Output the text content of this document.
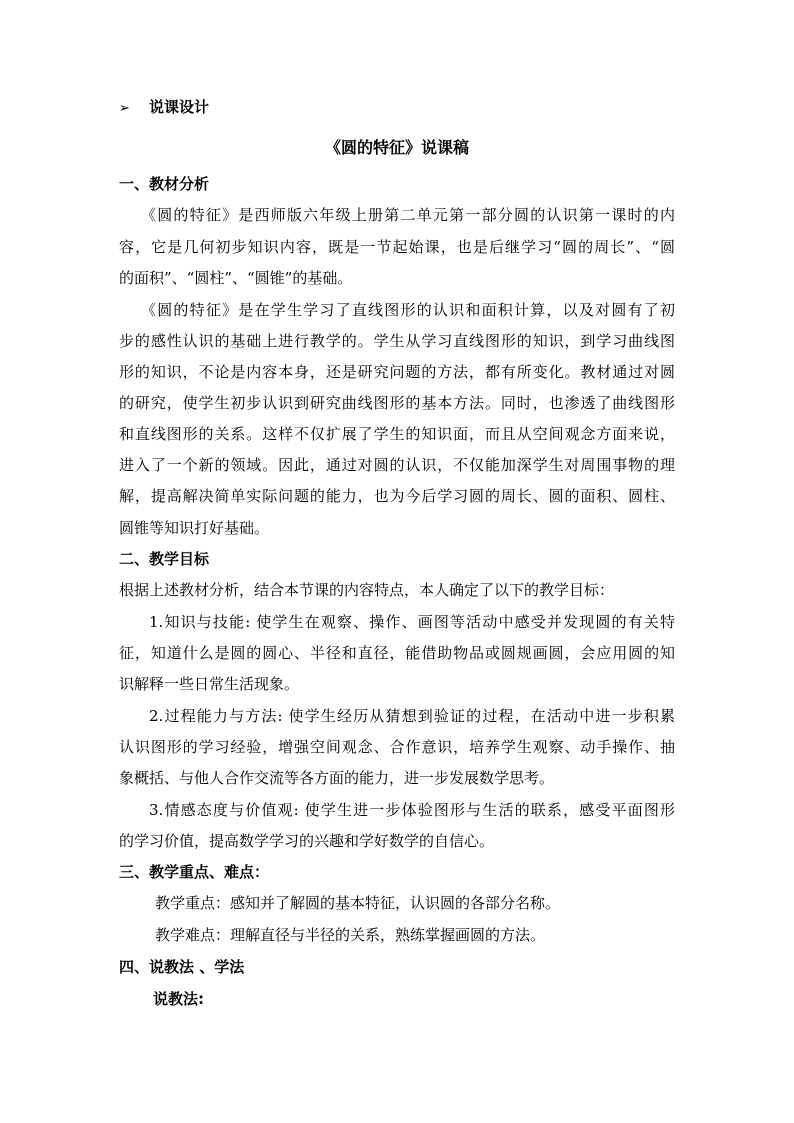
➢ 说课设计
《圆的特征》说课稿
一、教材分析
《圆的特征》是西师版六年级上册第二单元第一部分圆的认识第一课时的内
容，它是几何初步知识内容，既是一节起始课，也是后继学习“圆的周长”、“圆
的面积”、“圆柱”、“圆锥”的基础。
《圆的特征》是在学生学习了直线图形的认识和面积计算，以及对圆有了初
步的感性认识的基础上进行教学的。学生从学习直线图形的知识，到学习曲线图
形的知识，不论是内容本身，还是研究问题的方法，都有所变化。教材通过对圆
的研究，使学生初步认识到研究曲线图形的基本方法。同时，也渗透了曲线图形
和直线图形的关系。这样不仅扩展了学生的知识面，而且从空间观念方面来说，
进入了一个新的领域。因此，通过对圆的认识，不仅能加深学生对周围事物的理
解，提高解决简单实际问题的能力，也为今后学习圆的周长、圆的面积、圆柱、
圆锥等知识打好基础。
二、教学目标
根据上述教材分析，结合本节课的内容特点，本人确定了以下的教学目标：
1.知识与技能: 使学生在观察、操作、画图等活动中感受并发现圆的有关特
征，知道什么是圆的圆心、半径和直径，能借助物品或圆规画圆，会应用圆的知
识解释一些日常生活现象。
2.过程能力与方法: 使学生经历从猜想到验证的过程，在活动中进一步积累
认识图形的学习经验，增强空间观念、合作意识，培养学生观察、动手操作、抽
象概括、与他人合作交流等各方面的能力，进一步发展数学思考。
3.情感态度与价值观: 使学生进一步体验图形与生活的联系，感受平面图形
的学习价值，提高数学学习的兴趣和学好数学的自信心。
三、教学重点、难点：
教学重点：感知并了解圆的基本特征，认识圆的各部分名称。
教学难点：理解直径与半径的关系，熟练掌握画圆的方法。
四、说教法 、学法
说教法:
